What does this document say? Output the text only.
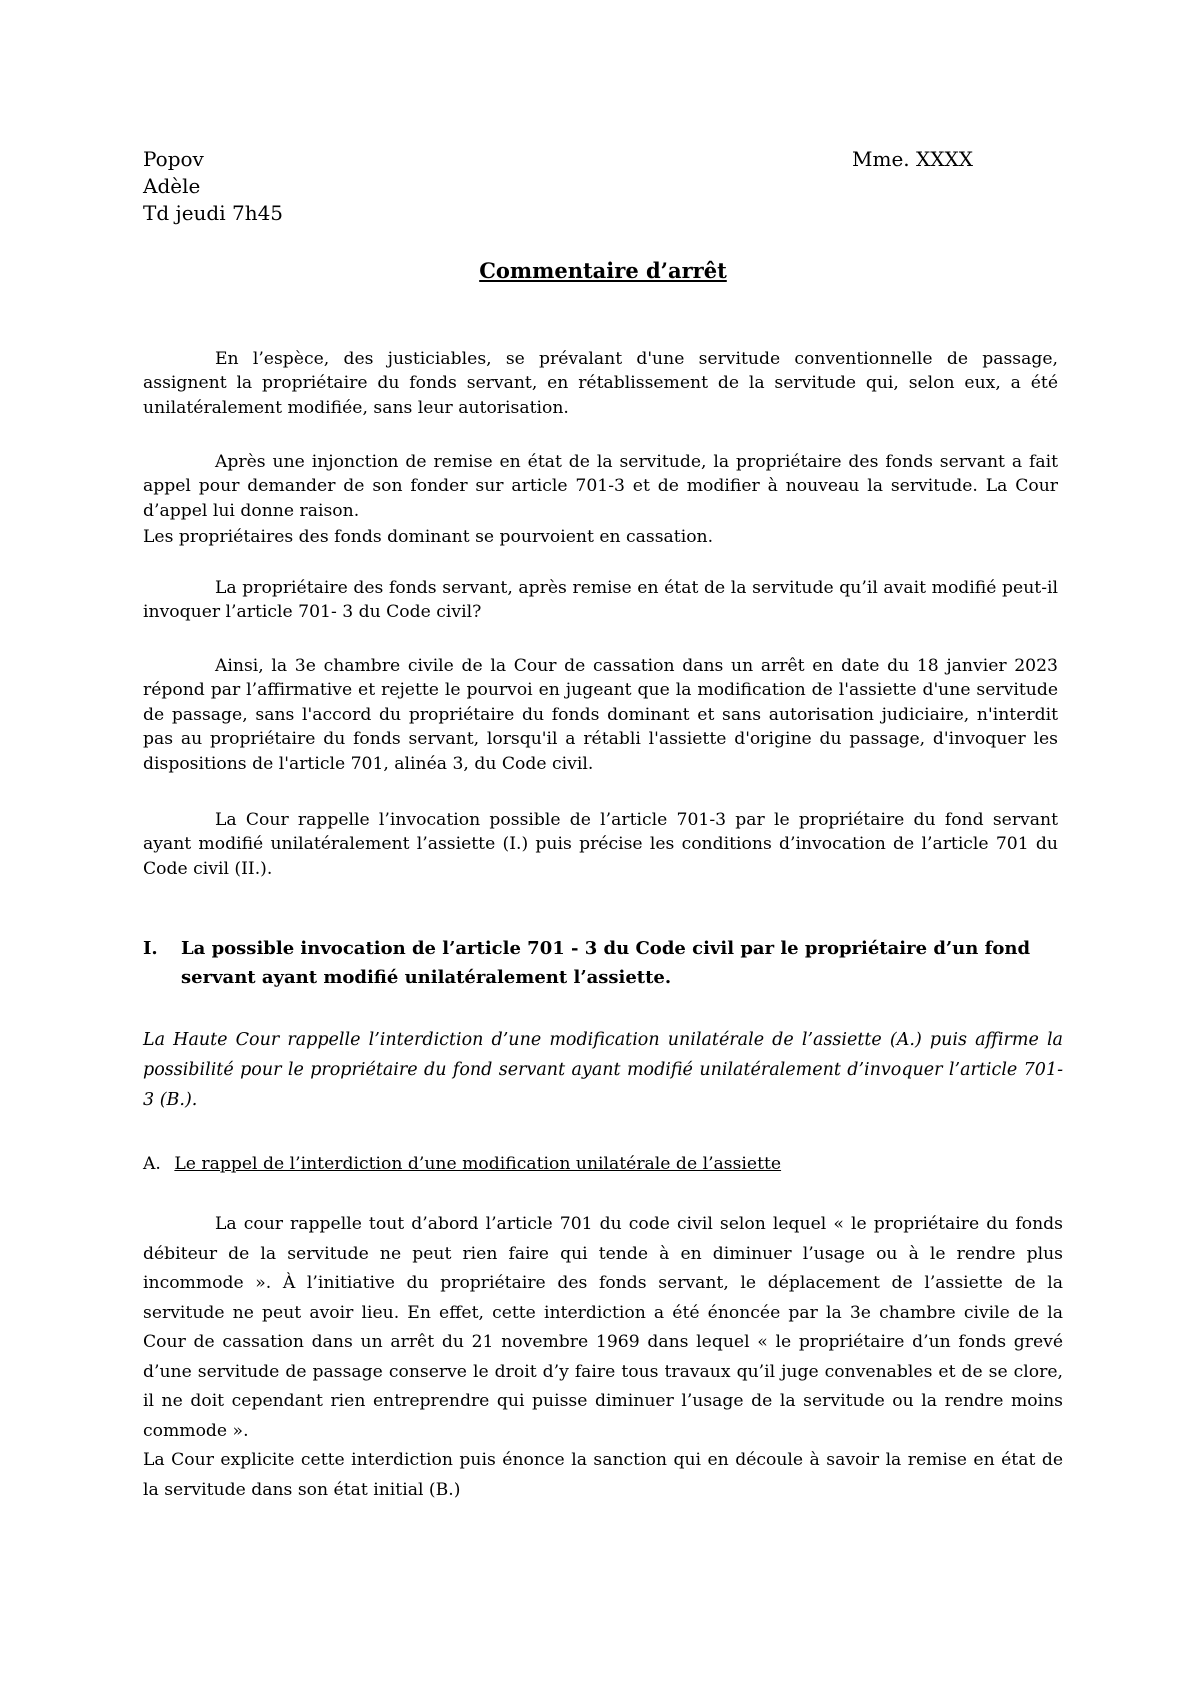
Popov
Adèle
Td jeudi 7h45
Mme. XXXX
Commentaire d’arrêt

En l’espèce, des justiciables, se prévalant d'une servitude conventionnelle de passage, assignent la propriétaire du fonds servant, en rétablissement de la servitude qui, selon eux, a été unilatéralement modifiée, sans leur autorisation.

Après une injonction de remise en état de la servitude, la propriétaire des fonds servant a fait appel pour demander de son fonder sur article 701-3 et de modifier à nouveau la servitude. La Cour d’appel lui donne raison.

Les propriétaires des fonds dominant se pourvoient en cassation.

La propriétaire des fonds servant, après remise en état de la servitude qu’il avait modifié peut-il invoquer l’article 701- 3 du Code civil?

Ainsi, la 3e chambre civile de la Cour de cassation dans un arrêt en date du 18 janvier 2023 répond par l’affirmative et rejette le pourvoi en jugeant que la modification de l'assiette d'une servitude de passage, sans l'accord du propriétaire du fonds dominant et sans autorisation judiciaire, n'interdit pas au propriétaire du fonds servant, lorsqu'il a rétabli l'assiette d'origine du passage, d'invoquer les dispositions de l'article 701, alinéa 3, du Code civil.

La Cour rappelle l’invocation possible de l’article 701-3 par le propriétaire du fond servant ayant modifié unilatéralement l’assiette (I.) puis précise les conditions d’invocation de l’article 701 du Code civil (II.).

I. La possible invocation de l’article 701 - 3 du Code civil par le propriétaire d’un fond servant ayant modifié unilatéralement l’assiette.

La Haute Cour rappelle l’interdiction d’une modification unilatérale de l’assiette (A.) puis affirme la possibilité pour le propriétaire du fond servant ayant modifié unilatéralement d’invoquer l’article 701-3 (B.).

A. Le rappel de l’interdiction d’une modification unilatérale de l’assiette

La cour rappelle tout d’abord l’article 701 du code civil selon lequel « le propriétaire du fonds débiteur de la servitude ne peut rien faire qui tende à en diminuer l’usage ou à le rendre plus incommode ». À l’initiative du propriétaire des fonds servant, le déplacement de l’assiette de la servitude ne peut avoir lieu. En effet, cette interdiction a été énoncée par la 3e chambre civile de la Cour de cassation dans un arrêt du 21 novembre 1969 dans lequel « le propriétaire d’un fonds grevé d’une servitude de passage conserve le droit d’y faire tous travaux qu’il juge convenables et de se clore, il ne doit cependant rien entreprendre qui puisse diminuer l’usage de la servitude ou la rendre moins commode ».

La Cour explicite cette interdiction puis énonce la sanction qui en découle à savoir la remise en état de la servitude dans son état initial (B.)
